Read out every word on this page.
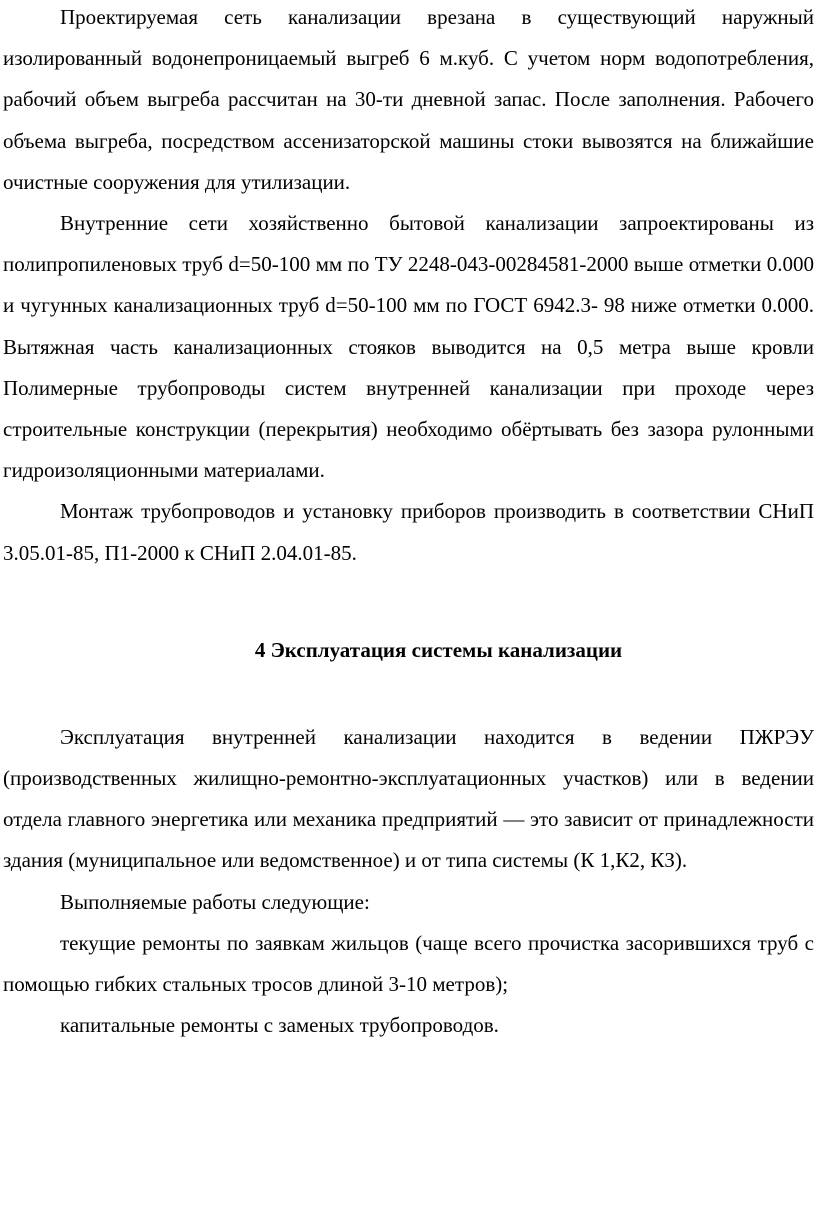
Проектируемая сеть канализации врезана в существующий наружный изолированный водонепроницаемый выгреб 6 м.куб. С учетом норм водопотребления, рабочий объем выгреба рассчитан на 30-ти дневной запас. После заполнения. Рабочего объема выгреба, посредством ассенизаторской машины стоки вывозятся на ближайшие очистные сооружения для утилизации.

Внутренние сети хозяйственно бытовой канализации запроектированы из полипропиленовых труб d=50-100 мм по ТУ 2248-043-00284581-2000 выше отметки 0.000 и чугунных канализационных труб d=50-100 мм по ГОСТ 6942.3- 98 ниже отметки 0.000. Вытяжная часть канализационных стояков выводится на 0,5 метра выше кровли Полимерные трубопроводы систем внутренней канализации при проходе через строительные конструкции (перекрытия) необходимо обёртывать без зазора рулонными гидроизоляционными материалами.

Монтаж трубопроводов и установку приборов производить в соответствии СНиП 3.05.01-85, П1-2000 к СНиП 2.04.01-85.

4 Эксплуатация системы канализации

Эксплуатация внутренней канализации находится в ведении ПЖРЭУ (производственных жилищно-ремонтно-эксплуатационных участков) или в ведении отдела главного энергетика или механика предприятий — это зависит от принадлежности здания (муниципальное или ведомственное) и от типа системы (К 1,К2, КЗ).

Выполняемые работы следующие:

текущие ремонты по заявкам жильцов (чаще всего прочистка засорившихся труб с помощью гибких стальных тросов длиной 3-10 метров);

капитальные ремонты с заменых трубопроводов.
